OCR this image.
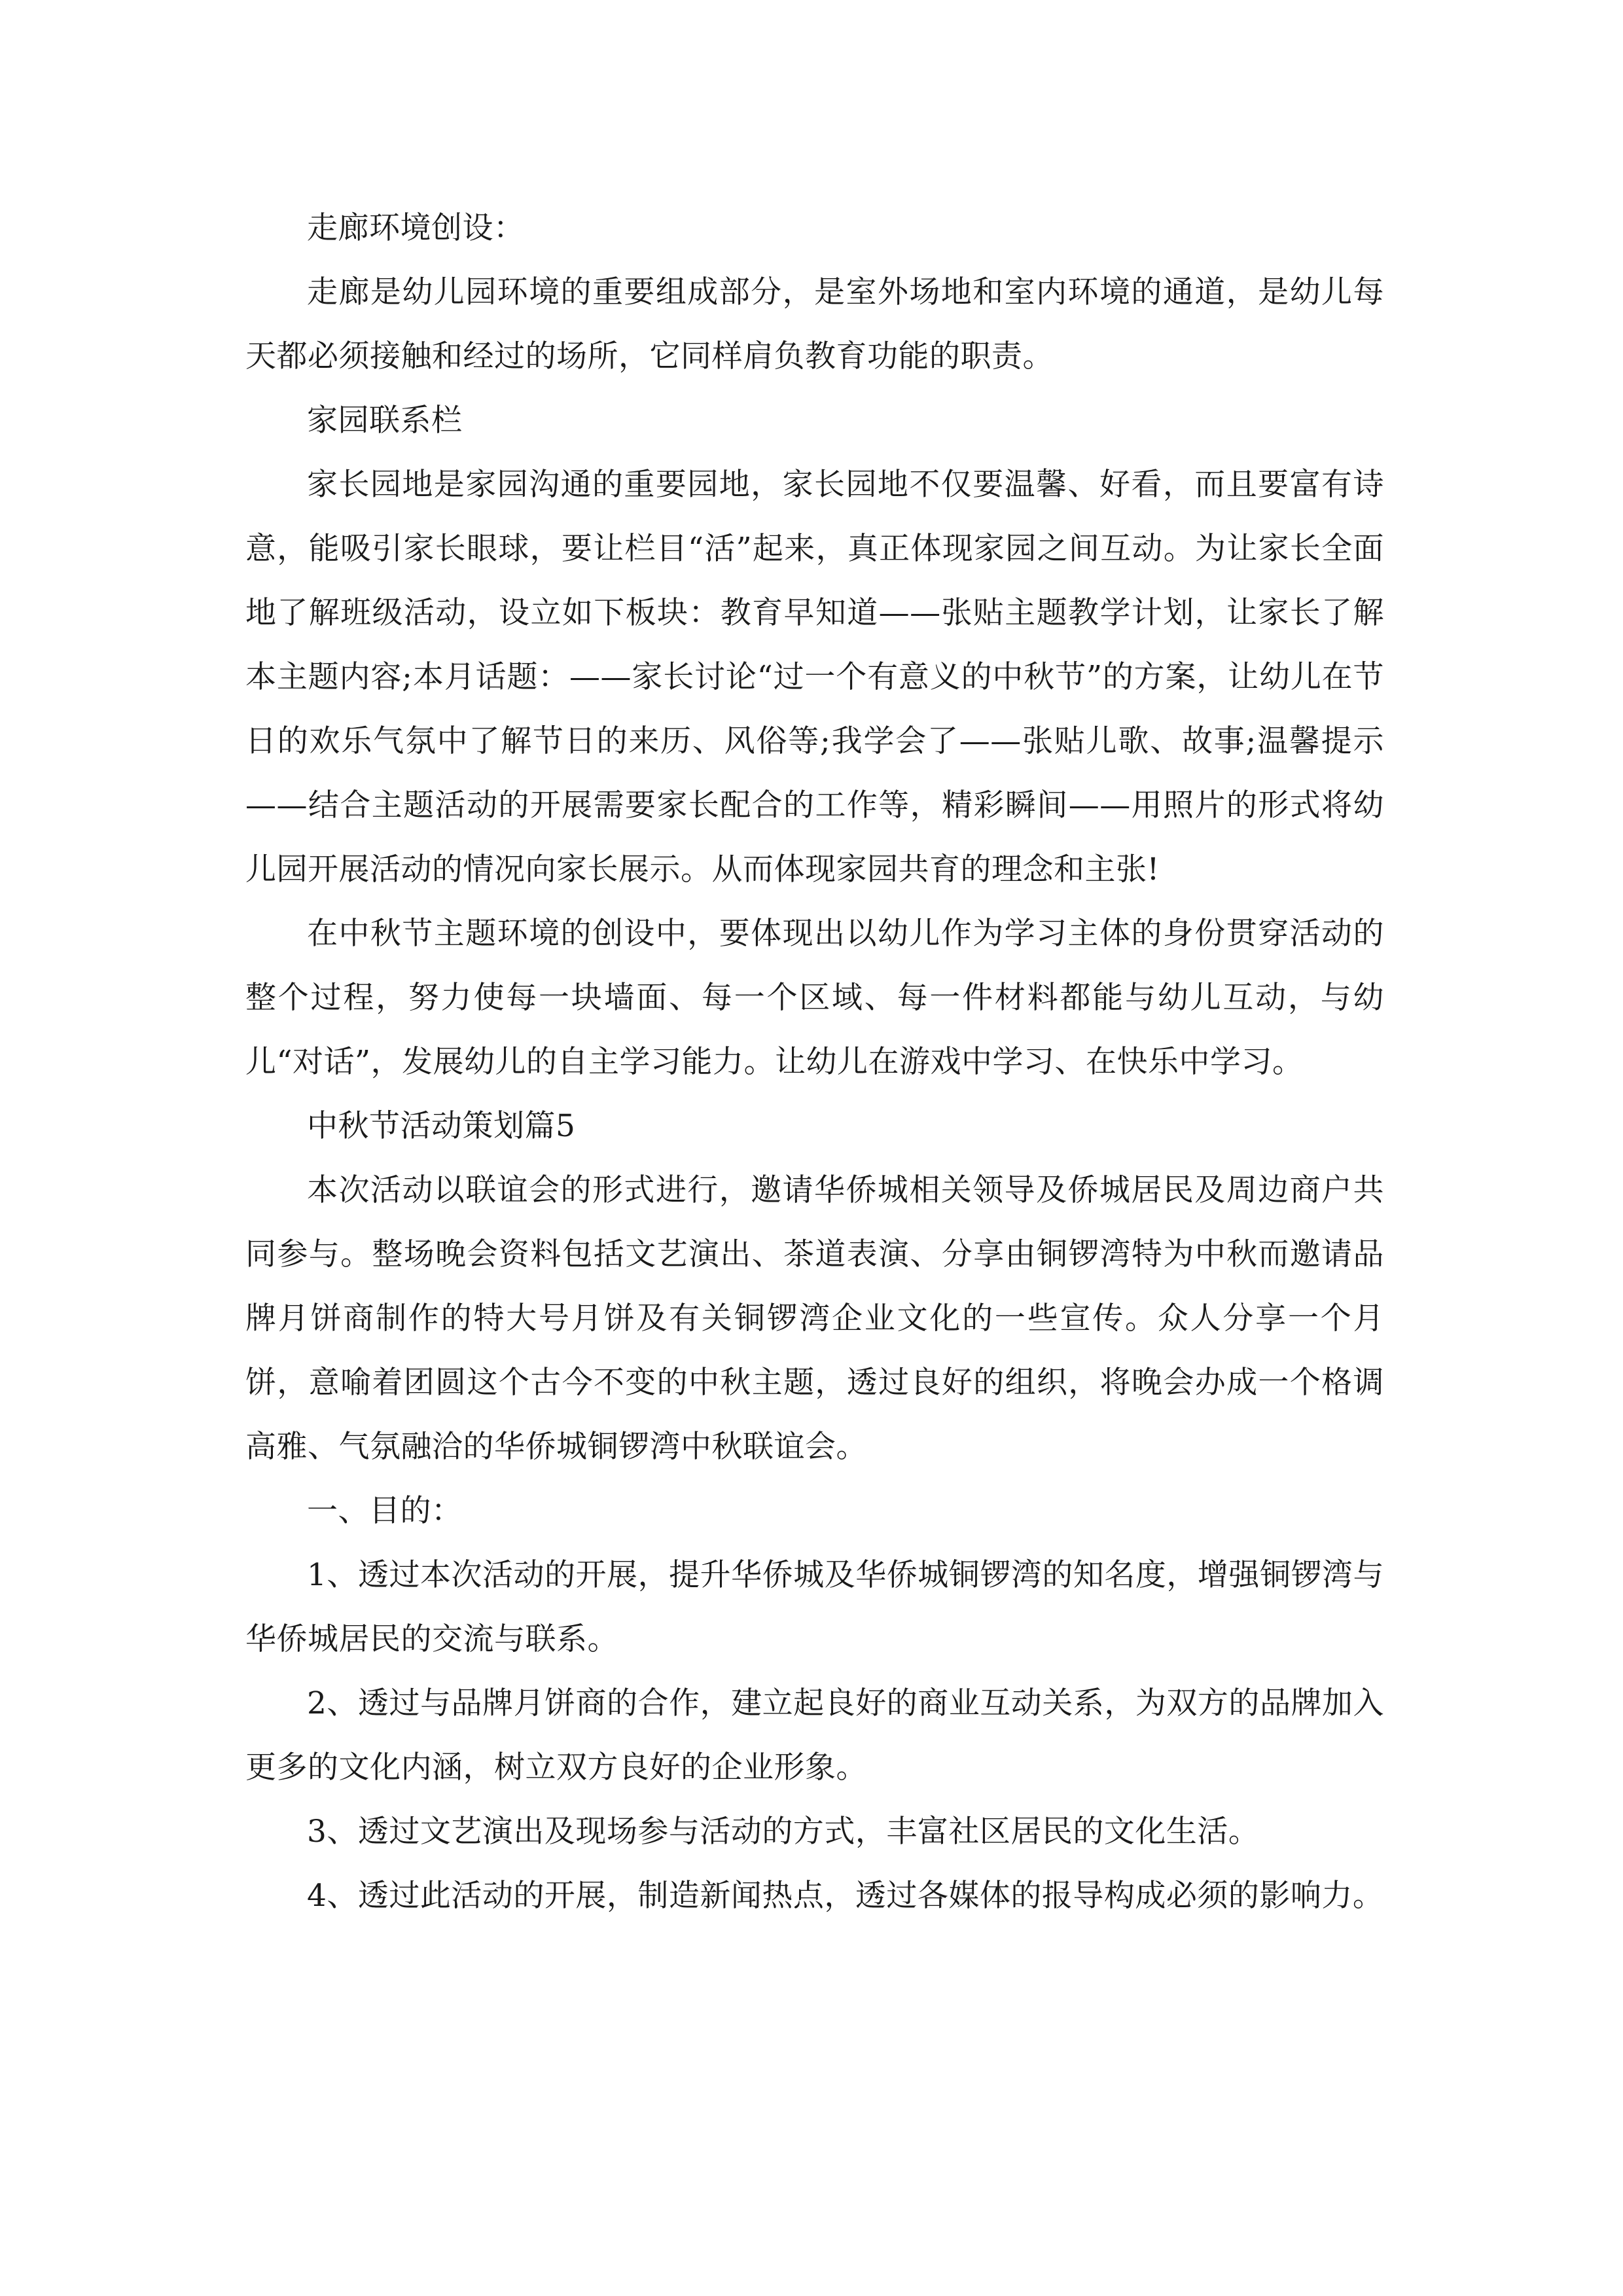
走廊环境创设：

走廊是幼儿园环境的重要组成部分，是室外场地和室内环境的通道，是幼儿每天都必须接触和经过的场所，它同样肩负教育功能的职责。

家园联系栏

家长园地是家园沟通的重要园地，家长园地不仅要温馨、好看，而且要富有诗意，能吸引家长眼球，要让栏目“活”起来，真正体现家园之间互动。为让家长全面地了解班级活动，设立如下板块：教育早知道——张贴主题教学计划，让家长了解本主题内容;本月话题：——家长讨论“过一个有意义的中秋节”的方案，让幼儿在节日的欢乐气氛中了解节日的来历、风俗等;我学会了——张贴儿歌、故事;温馨提示——结合主题活动的开展需要家长配合的工作等，精彩瞬间——用照片的形式将幼儿园开展活动的情况向家长展示。从而体现家园共育的理念和主张!

在中秋节主题环境的创设中，要体现出以幼儿作为学习主体的身份贯穿活动的整个过程，努力使每一块墙面、每一个区域、每一件材料都能与幼儿互动，与幼儿“对话”，发展幼儿的自主学习能力。让幼儿在游戏中学习、在快乐中学习。

中秋节活动策划篇5

本次活动以联谊会的形式进行，邀请华侨城相关领导及侨城居民及周边商户共同参与。整场晚会资料包括文艺演出、茶道表演、分享由铜锣湾特为中秋而邀请品牌月饼商制作的特大号月饼及有关铜锣湾企业文化的一些宣传。众人分享一个月饼，意喻着团圆这个古今不变的中秋主题，透过良好的组织，将晚会办成一个格调高雅、气氛融洽的华侨城铜锣湾中秋联谊会。

一、目的：

1、透过本次活动的开展，提升华侨城及华侨城铜锣湾的知名度，增强铜锣湾与华侨城居民的交流与联系。

2、透过与品牌月饼商的合作，建立起良好的商业互动关系，为双方的品牌加入更多的文化内涵，树立双方良好的企业形象。

3、透过文艺演出及现场参与活动的方式，丰富社区居民的文化生活。

4、透过此活动的开展，制造新闻热点，透过各媒体的报导构成必须的影响力。
